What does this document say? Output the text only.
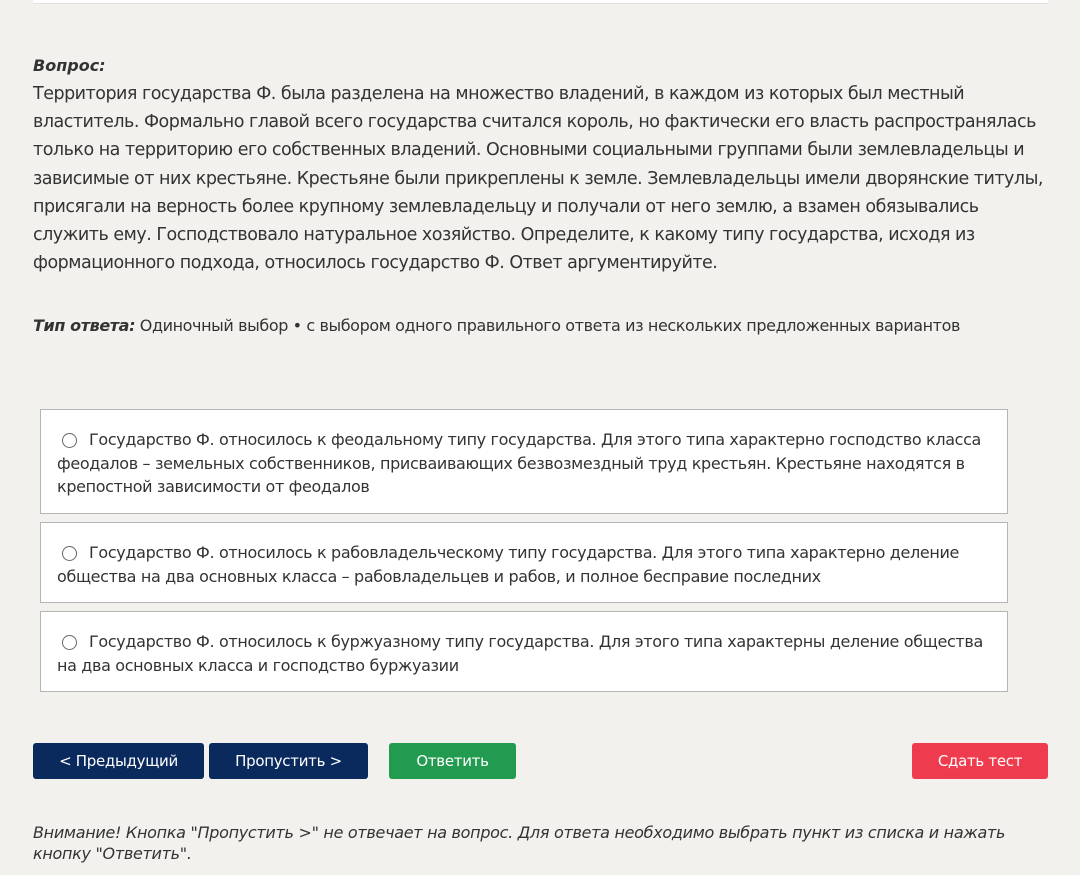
Вопрос:
Территория государства Ф. была разделена на множество владений, в каждом из которых был местный властитель. Формально главой всего государства считался король, но фактически его власть распространялась только на территорию его собственных владений. Основными социальными группами были землевладельцы и зависимые от них крестьяне. Крестьяне были прикреплены к земле. Землевладельцы имели дворянские титулы, присягали на верность более крупному землевладельцу и получали от него землю, а взамен обязывались служить ему. Господствовало натуральное хозяйство. Определите, к какому типу государства, исходя из формационного подхода, относилось государство Ф. Ответ аргументируйте.
Тип ответа: Одиночный выбор • с выбором одного правильного ответа из нескольких предложенных вариантов
Государство Ф. относилось к феодальному типу государства. Для этого типа характерно господство класса феодалов – земельных собственников, присваивающих безвозмездный труд крестьян. Крестьяне находятся в крепостной зависимости от феодалов
Государство Ф. относилось к рабовладельческому типу государства. Для этого типа характерно деление общества на два основных класса – рабовладельцев и рабов, и полное бесправие последних
Государство Ф. относилось к буржуазному типу государства. Для этого типа характерны деление общества на два основных класса и господство буржуазии
< Предыдущий	Пропустить >	Ответить	Сдать тест
Внимание! Кнопка "Пропустить >" не отвечает на вопрос. Для ответа необходимо выбрать пункт из списка и нажать кнопку "Ответить".
